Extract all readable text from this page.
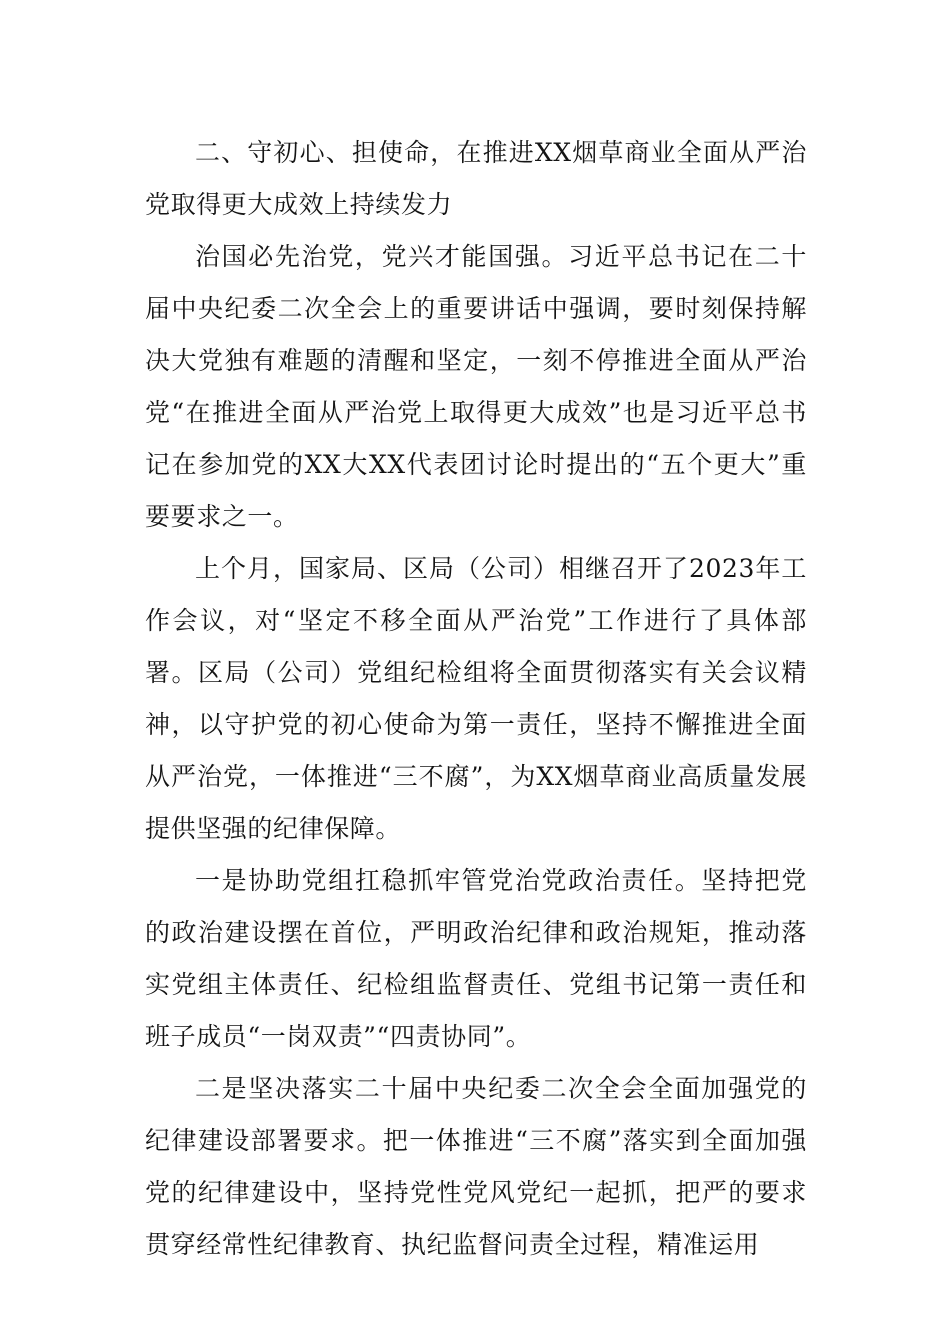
二、守初心、担使命，在推进XX烟草商业全面从严治党取得更大成效上持续发力

治国必先治党，党兴才能国强。习近平总书记在二十届中央纪委二次全会上的重要讲话中强调，要时刻保持解决大党独有难题的清醒和坚定，一刻不停推进全面从严治党“在推进全面从严治党上取得更大成效”也是习近平总书记在参加党的XX大XX代表团讨论时提出的“五个更大”重要要求之一。

上个月，国家局、区局（公司）相继召开了2023年工作会议，对“坚定不移全面从严治党”工作进行了具体部署。区局（公司）党组纪检组将全面贯彻落实有关会议精神，以守护党的初心使命为第一责任，坚持不懈推进全面从严治党，一体推进“三不腐”，为XX烟草商业高质量发展提供坚强的纪律保障。

一是协助党组扛稳抓牢管党治党政治责任。坚持把党的政治建设摆在首位，严明政治纪律和政治规矩，推动落实党组主体责任、纪检组监督责任、党组书记第一责任和班子成员“一岗双责”“四责协同”。

二是坚决落实二十届中央纪委二次全会全面加强党的纪律建设部署要求。把一体推进“三不腐”落实到全面加强党的纪律建设中，坚持党性党风党纪一起抓，把严的要求贯穿经常性纪律教育、执纪监督问责全过程，精准运用
